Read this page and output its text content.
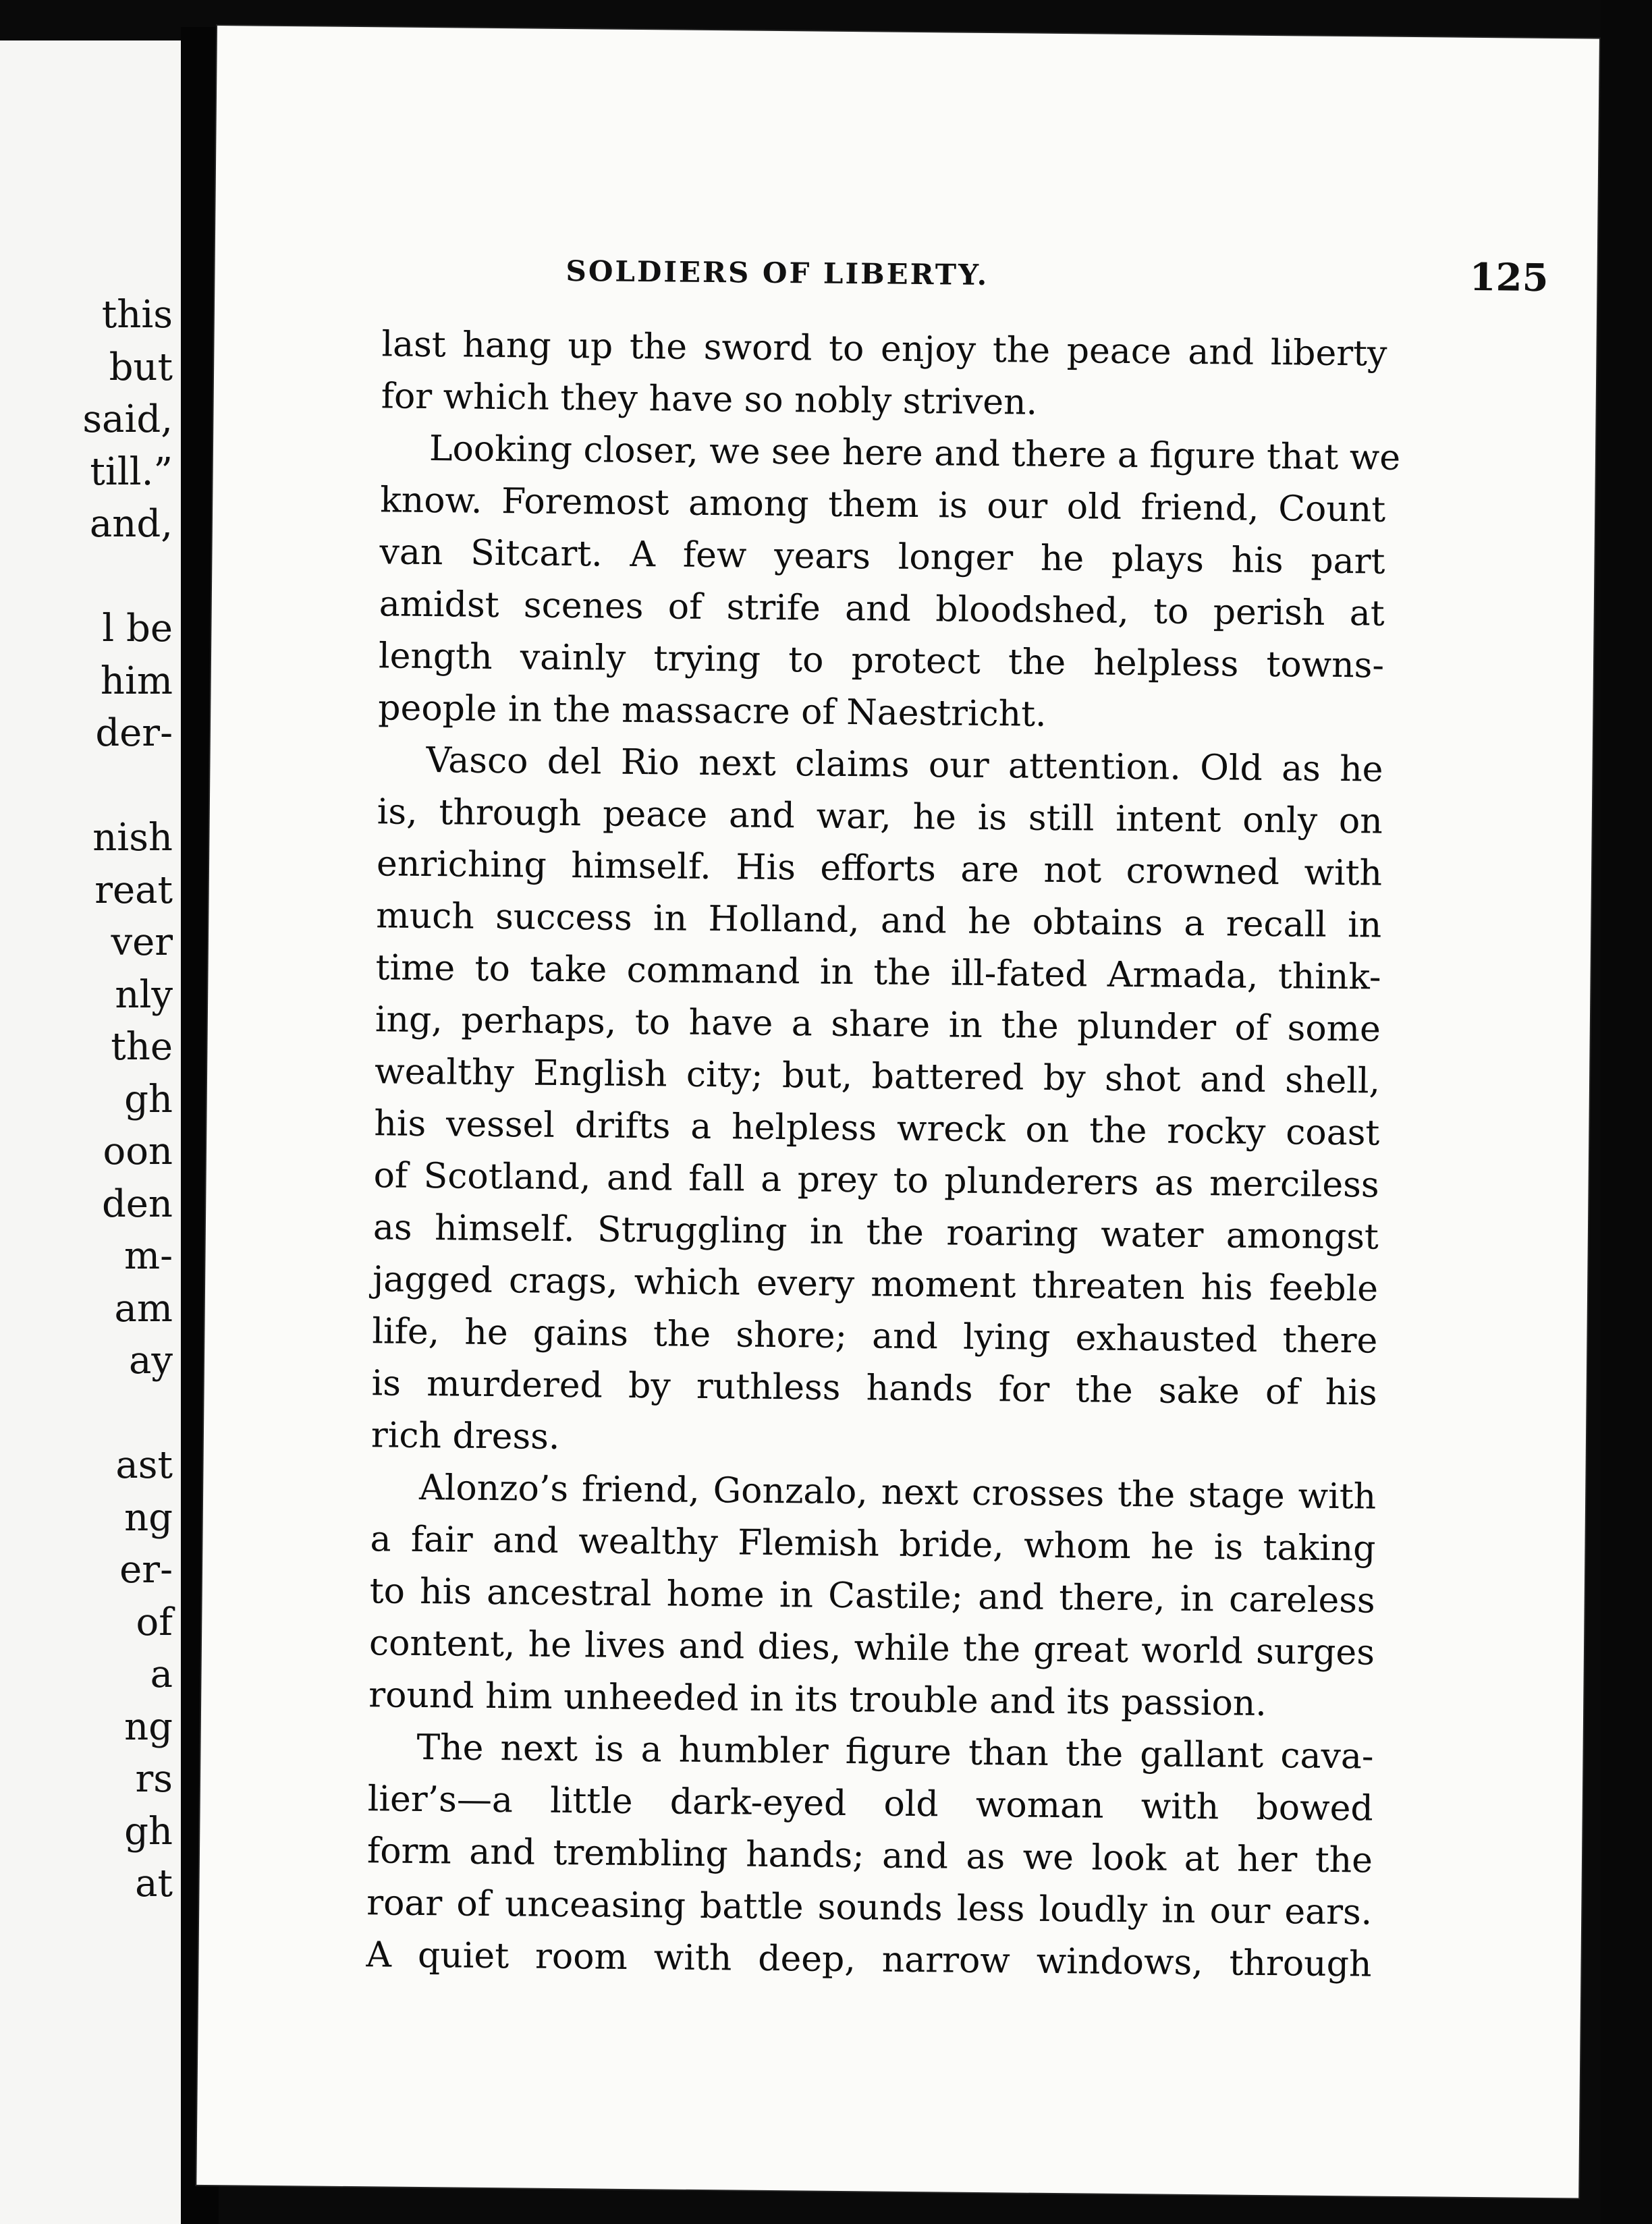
this
but
said,
till.”
and,
l be
him
der-
nish
reat
ver
nly
the
gh
oon
den
m-
am
ay
ast
ng
er-
of
a
ng
rs
gh
at
SOLDIERS OF LIBERTY.	125
last hang up the sword to enjoy the peace and liberty
for which they have so nobly striven.
Looking closer, we see here and there a figure that we
know. Foremost among them is our old friend, Count
van Sitcart. A few years longer he plays his part
amidst scenes of strife and bloodshed, to perish at
length vainly trying to protect the helpless towns-
people in the massacre of Naestricht.
Vasco del Rio next claims our attention. Old as he
is, through peace and war, he is still intent only on
enriching himself. His efforts are not crowned with
much success in Holland, and he obtains a recall in
time to take command in the ill-fated Armada, think-
ing, perhaps, to have a share in the plunder of some
wealthy English city; but, battered by shot and shell,
his vessel drifts a helpless wreck on the rocky coast
of Scotland, and fall a prey to plunderers as merciless
as himself. Struggling in the roaring water amongst
jagged crags, which every moment threaten his feeble
life, he gains the shore; and lying exhausted there
is murdered by ruthless hands for the sake of his
rich dress.
Alonzo’s friend, Gonzalo, next crosses the stage with
a fair and wealthy Flemish bride, whom he is taking
to his ancestral home in Castile; and there, in careless
content, he lives and dies, while the great world surges
round him unheeded in its trouble and its passion.
The next is a humbler figure than the gallant cava-
lier’s—a little dark-eyed old woman with bowed
form and trembling hands; and as we look at her the
roar of unceasing battle sounds less loudly in our ears.
A quiet room with deep, narrow windows, through
